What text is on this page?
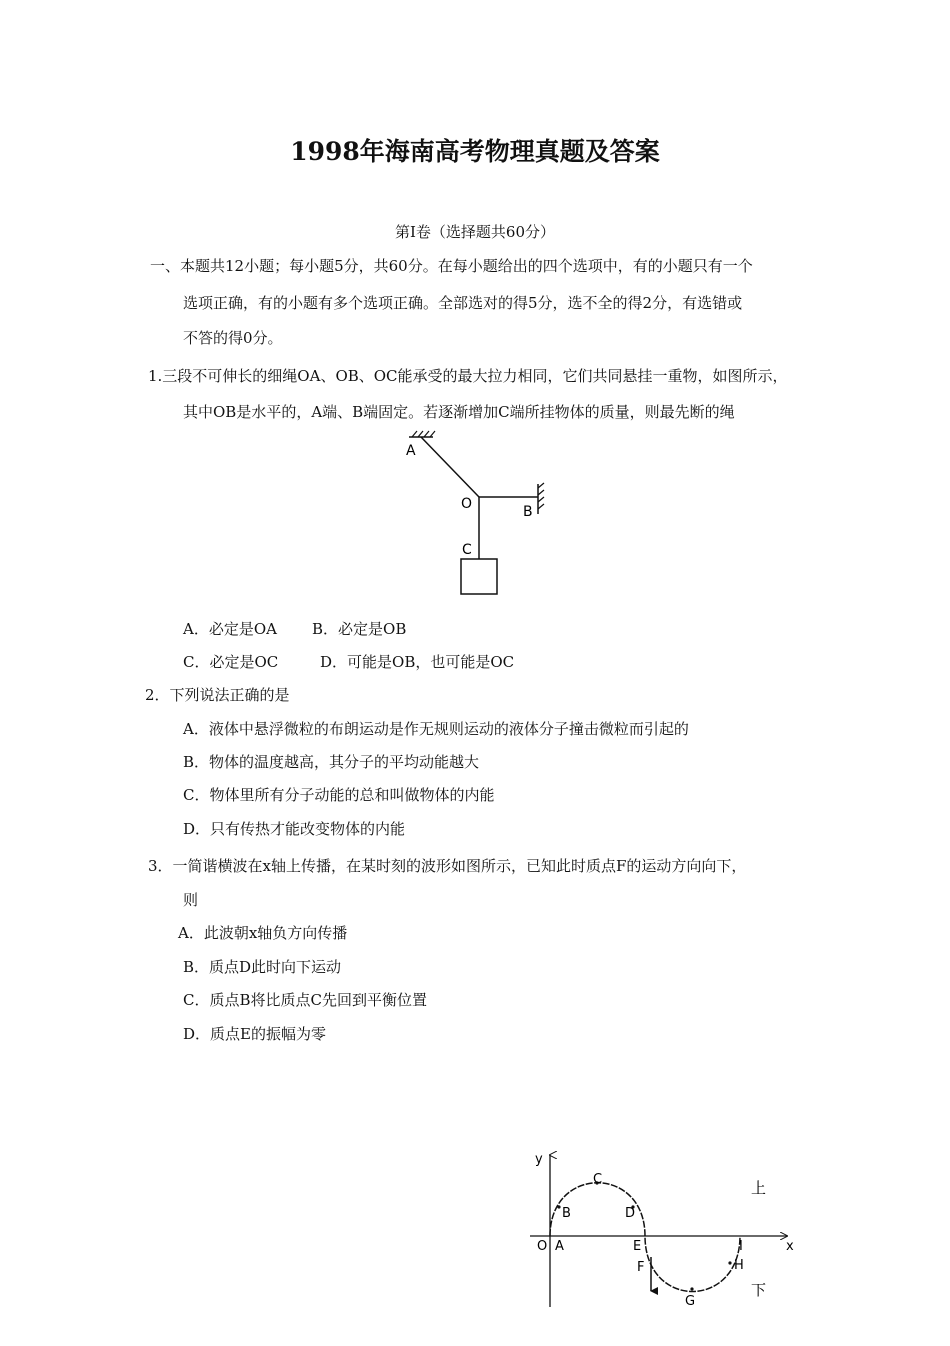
1998年海南高考物理真题及答案
第Ⅰ卷（选择题共60分）
一、本题共12小题；每小题5分，共60分。在每小题给出的四个选项中，有的小题只有一个
选项正确，有的小题有多个选项正确。全部选对的得5分，选不全的得2分，有选错或
不答的得0分。
1.三段不可伸长的细绳OA、OB、OC能承受的最大拉力相同，它们共同悬挂一重物，如图所示，
其中OB是水平的，A端、B端固定。若逐渐增加C端所挂物体的质量，则最先断的绳
A
O	B
C
A．必定是OA B．必定是OB
C．必定是OC	D．可能是OB，也可能是OC
2．下列说法正确的是
A．液体中悬浮微粒的布朗运动是作无规则运动的液体分子撞击微粒而引起的
B．物体的温度越高，其分子的平均动能越大
C．物体里所有分子动能的总和叫做物体的内能
D．只有传热才能改变物体的内能
3．一简谐横波在x轴上传播，在某时刻的波形如图所示，已知此时质点F的运动方向向下，
则
A．此波朝x轴负方向传播
B．质点D此时向下运动
C．质点B将比质点C先回到平衡位置
D．质点E的振幅为零
y
x
O A
B
C
D
E
F
G
H
I
上
下
